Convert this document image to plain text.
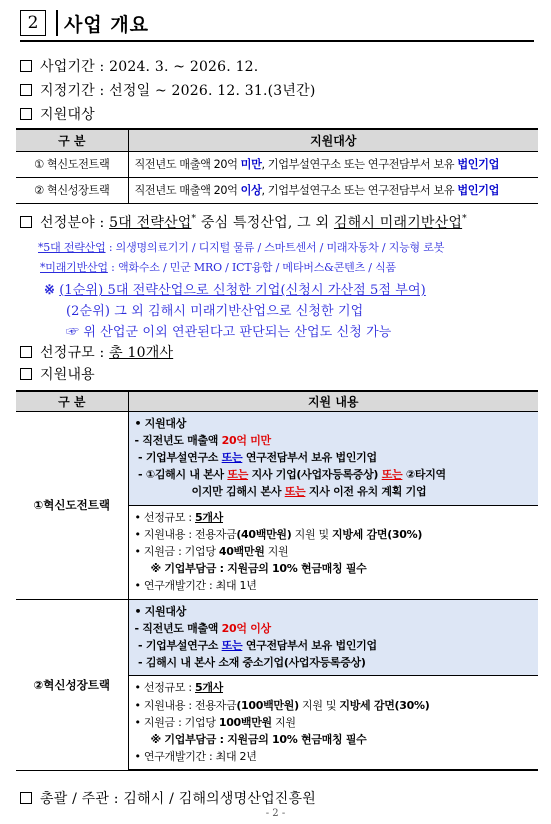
2	사업 개요
사업기간 : 2024. 3. ~ 2026. 12.
지정기간 : 선정일 ~ 2026. 12. 31.(3년간)
지원대상
구 분	지원대상
① 혁신도전트랙	직전년도 매출액 20억 미만, 기업부설연구소 또는 연구전담부서 보유 법인기업
② 혁신성장트랙	직전년도 매출액 20억 이상, 기업부설연구소 또는 연구전담부서 보유 법인기업
선정분야 : 5대 전략산업* 중심 특정산업, 그 외 김해시 미래기반산업*
*5대 전략산업 : 의생명의료기기 / 디지털 물류 / 스마트센서 / 미래자동차 / 지능형 로봇
*미래기반산업 : 액화수소 / 민군 MRO / ICT융합 / 메타버스&콘텐츠 / 식품
※ (1순위) 5대 전략산업으로 신청한 기업(신청시 가산점 5점 부여)
(2순위) 그 외 김해시 미래기반산업으로 신청한 기업
☞ 위 산업군 이외 연관된다고 판단되는 산업도 신청 가능
선정규모 : 총 10개사
지원내용
구 분	지원 내용
①혁신도전트랙	• 지원대상
- 직전년도 매출액 20억 미만
- 기업부설연구소 또는 연구전담부서 보유 법인기업
- ①김해시 내 본사 또는 지사 기업(사업자등록증상) 또는 ②타지역
이지만 김해시 본사 또는 지사 이전 유치 계획 기업

	• 선정규모 : 5개사
• 지원내용 : 전용자금(40백만원) 지원 및 지방세 감면(30%)
• 지원금 : 기업당 40백만원 지원
※ 기업부담금 : 지원금의 10% 현금매칭 필수
• 연구개발기간 : 최대 1년

②혁신성장트랙	• 지원대상
- 직전년도 매출액 20억 이상
- 기업부설연구소 또는 연구전담부서 보유 법인기업
- 김해시 내 본사 소재 중소기업(사업자등록증상)

	• 선정규모 : 5개사
• 지원내용 : 전용자금(100백만원) 지원 및 지방세 감면(30%)
• 지원금 : 기업당 100백만원 지원
※ 기업부담금 : 지원금의 10% 현금매칭 필수
• 연구개발기간 : 최대 2년
총괄 / 주관 : 김해시 / 김해의생명산업진흥원
- 2 -
